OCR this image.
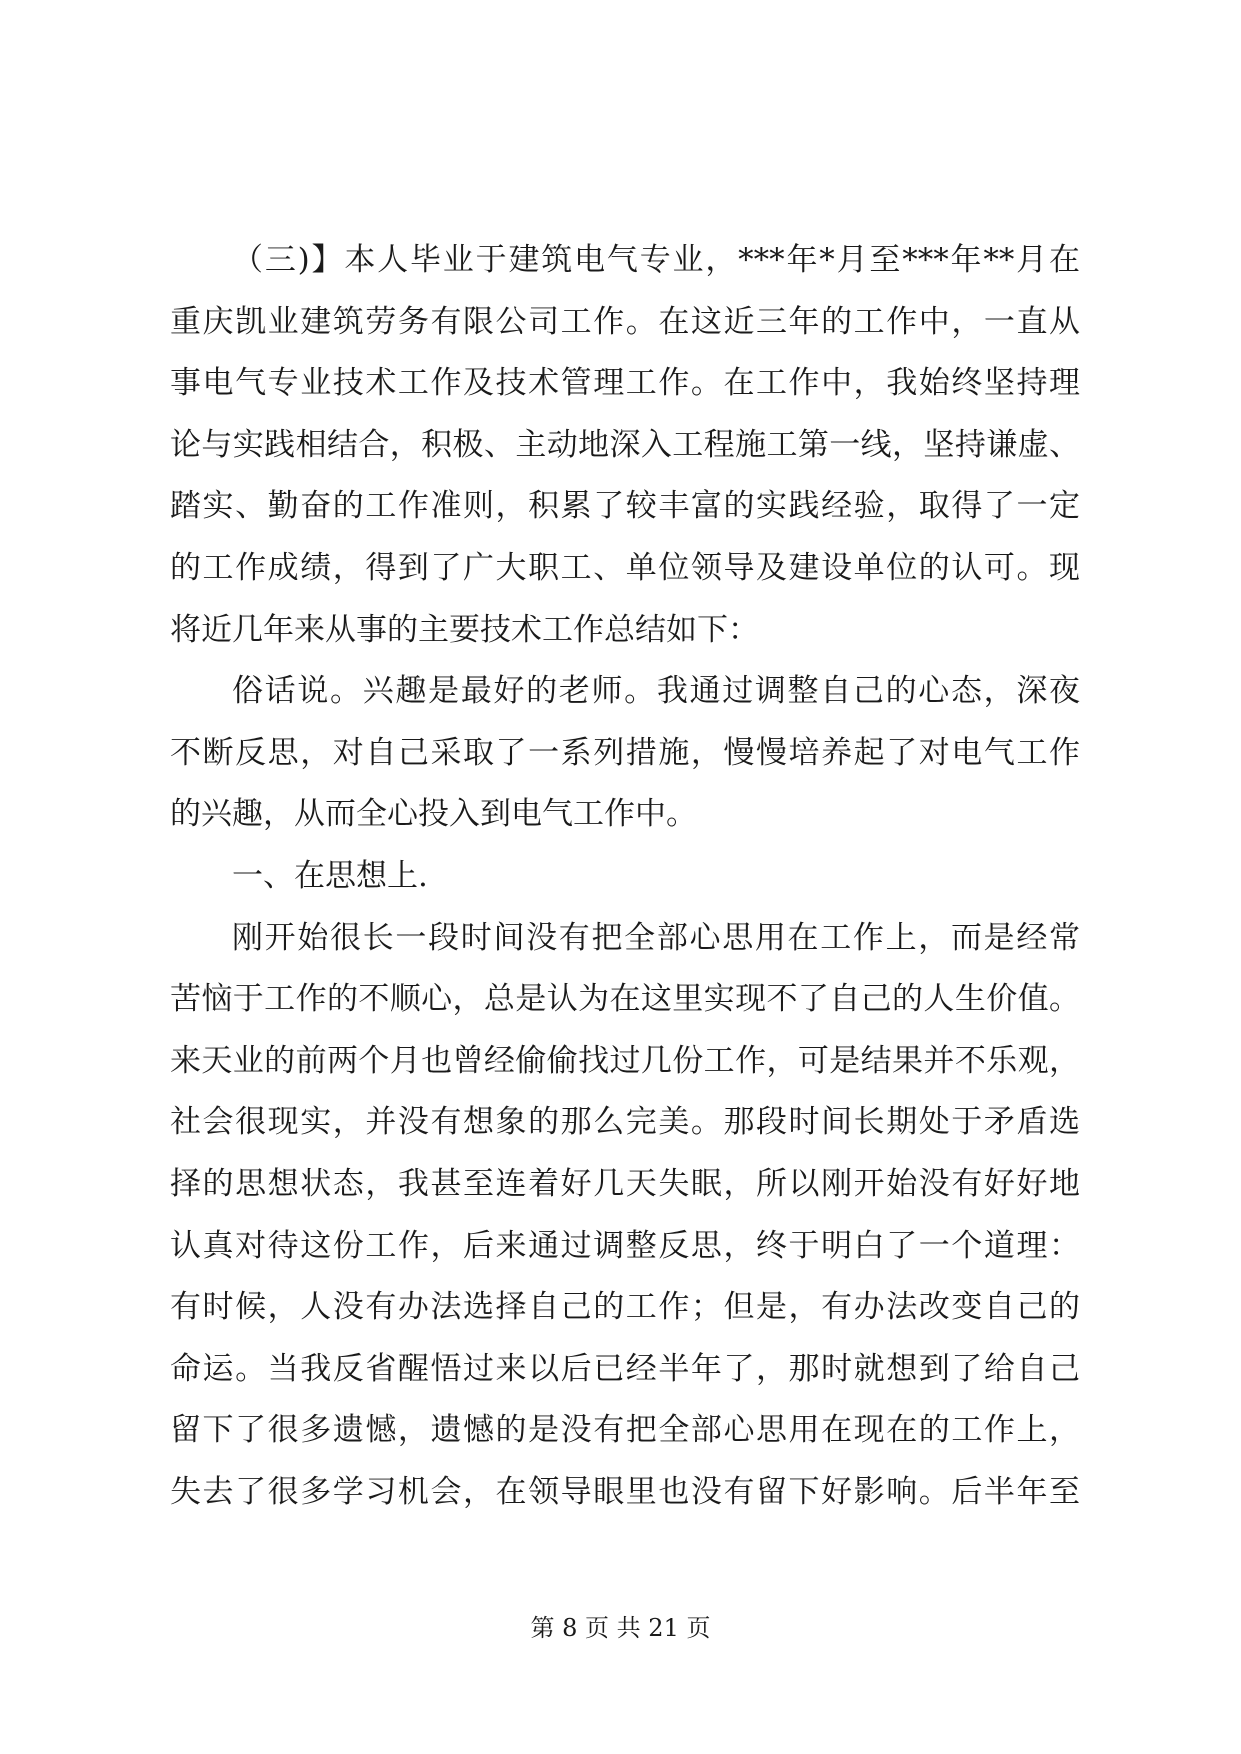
（三)】本人毕业于建筑电气专业，***年*月至***年**月在
重庆凯业建筑劳务有限公司工作。在这近三年的工作中，一直从
事电气专业技术工作及技术管理工作。在工作中，我始终坚持理
论与实践相结合，积极、主动地深入工程施工第一线，坚持谦虚、
踏实、勤奋的工作准则，积累了较丰富的实践经验，取得了一定
的工作成绩，得到了广大职工、单位领导及建设单位的认可。现
将近几年来从事的主要技术工作总结如下：
俗话说。兴趣是最好的老师。我通过调整自己的心态，深夜
不断反思，对自己采取了一系列措施，慢慢培养起了对电气工作
的兴趣，从而全心投入到电气工作中。
一、在思想上.
刚开始很长一段时间没有把全部心思用在工作上，而是经常
苦恼于工作的不顺心，总是认为在这里实现不了自己的人生价值。
来天业的前两个月也曾经偷偷找过几份工作，可是结果并不乐观，
社会很现实，并没有想象的那么完美。那段时间长期处于矛盾选
择的思想状态，我甚至连着好几天失眠，所以刚开始没有好好地
认真对待这份工作，后来通过调整反思，终于明白了一个道理：
有时候，人没有办法选择自己的工作；但是，有办法改变自己的
命运。当我反省醒悟过来以后已经半年了，那时就想到了给自己
留下了很多遗憾，遗憾的是没有把全部心思用在现在的工作上，
失去了很多学习机会，在领导眼里也没有留下好影响。后半年至
第 8 页 共 21 页
